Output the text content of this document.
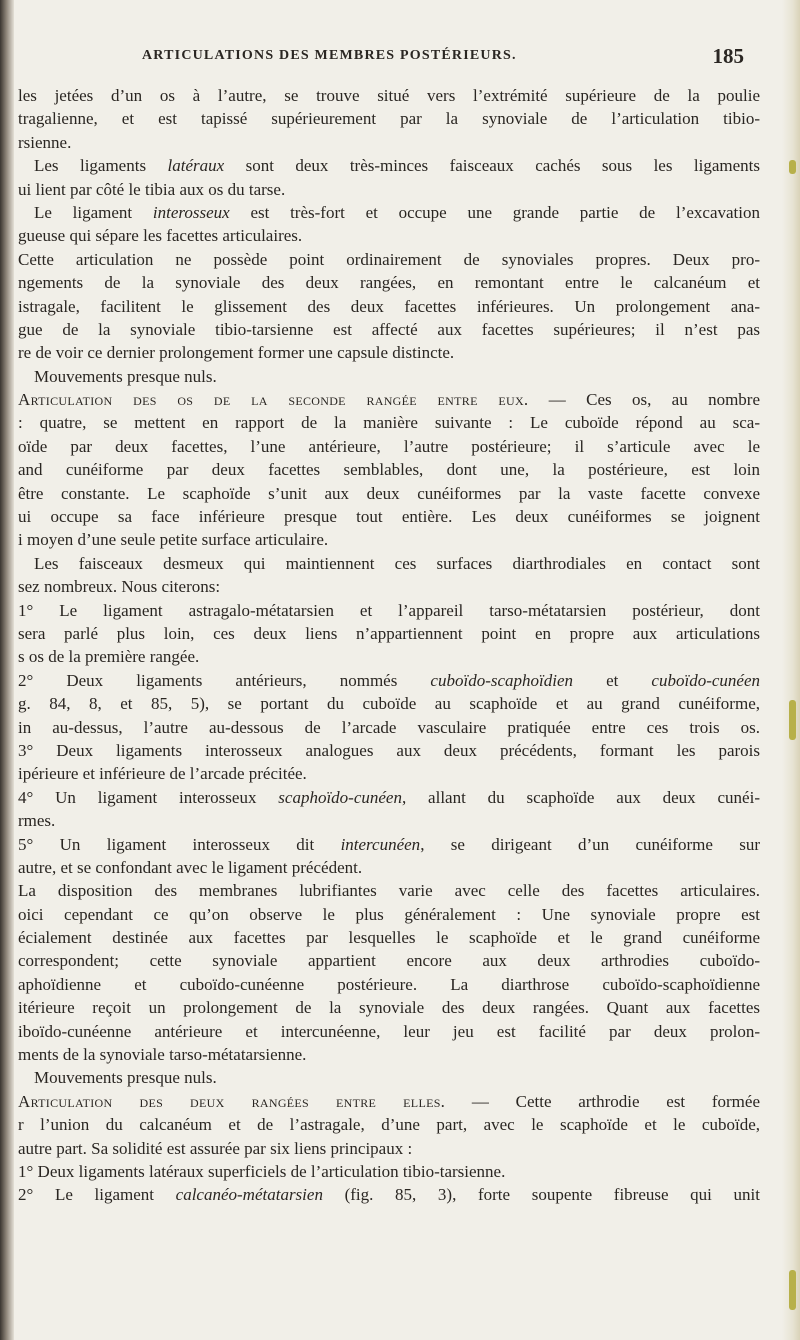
ARTICULATIONS DES MEMBRES POSTÉRIEURS.	185
les jetées d’un os à l’autre, se trouve situé vers l’extrémité supérieure de la poulie
tragalienne, et est tapissé supérieurement par la synoviale de l’articulation tibio-
rsienne.
Les ligaments latéraux sont deux très-minces faisceaux cachés sous les ligaments
ui lient par côté le tibia aux os du tarse.
Le ligament interosseux est très-fort et occupe une grande partie de l’excavation
gueuse qui sépare les facettes articulaires.
Cette articulation ne possède point ordinairement de synoviales propres. Deux pro-
ngements de la synoviale des deux rangées, en remontant entre le calcanéum et
istragale, facilitent le glissement des deux facettes inférieures. Un prolongement ana-
gue de la synoviale tibio-tarsienne est affecté aux facettes supérieures; il n’est pas
re de voir ce dernier prolongement former une capsule distincte.
Mouvements presque nuls.
Articulation des os de la seconde rangée entre eux. — Ces os, au nombre
: quatre, se mettent en rapport de la manière suivante : Le cuboïde répond au sca-
oïde par deux facettes, l’une antérieure, l’autre postérieure; il s’articule avec le
and cunéiforme par deux facettes semblables, dont une, la postérieure, est loin
être constante. Le scaphoïde s’unit aux deux cunéiformes par la vaste facette convexe
ui occupe sa face inférieure presque tout entière. Les deux cunéiformes se joignent
i moyen d’une seule petite surface articulaire.
Les faisceaux desmeux qui maintiennent ces surfaces diarthrodiales en contact sont
sez nombreux. Nous citerons:
1° Le ligament astragalo-métatarsien et l’appareil tarso-métatarsien postérieur, dont
sera parlé plus loin, ces deux liens n’appartiennent point en propre aux articulations
s os de la première rangée.
2° Deux ligaments antérieurs, nommés cuboïdo-scaphoïdien et cuboïdo-cunéen
g. 84, 8, et 85, 5), se portant du cuboïde au scaphoïde et au grand cunéiforme,
in au-dessus, l’autre au-dessous de l’arcade vasculaire pratiquée entre ces trois os.
3° Deux ligaments interosseux analogues aux deux précédents, formant les parois
ipérieure et inférieure de l’arcade précitée.
4° Un ligament interosseux scaphoïdo-cunéen, allant du scaphoïde aux deux cunéi-
rmes.
5° Un ligament interosseux dit intercunéen, se dirigeant d’un cunéiforme sur
autre, et se confondant avec le ligament précédent.
La disposition des membranes lubrifiantes varie avec celle des facettes articulaires.
oici cependant ce qu’on observe le plus généralement : Une synoviale propre est
écialement destinée aux facettes par lesquelles le scaphoïde et le grand cunéiforme
correspondent; cette synoviale appartient encore aux deux arthrodies cuboïdo-
aphoïdienne et cuboïdo-cunéenne postérieure. La diarthrose cuboïdo-scaphoïdienne
itérieure reçoit un prolongement de la synoviale des deux rangées. Quant aux facettes
iboïdo-cunéenne antérieure et intercunéenne, leur jeu est facilité par deux prolon-
ments de la synoviale tarso-métatarsienne.
Mouvements presque nuls.
Articulation des deux rangées entre elles. — Cette arthrodie est formée
r l’union du calcanéum et de l’astragale, d’une part, avec le scaphoïde et le cuboïde,
autre part. Sa solidité est assurée par six liens principaux :
1° Deux ligaments latéraux superficiels de l’articulation tibio-tarsienne.
2° Le ligament calcanéo-métatarsien (fig. 85, 3), forte soupente fibreuse qui unit
